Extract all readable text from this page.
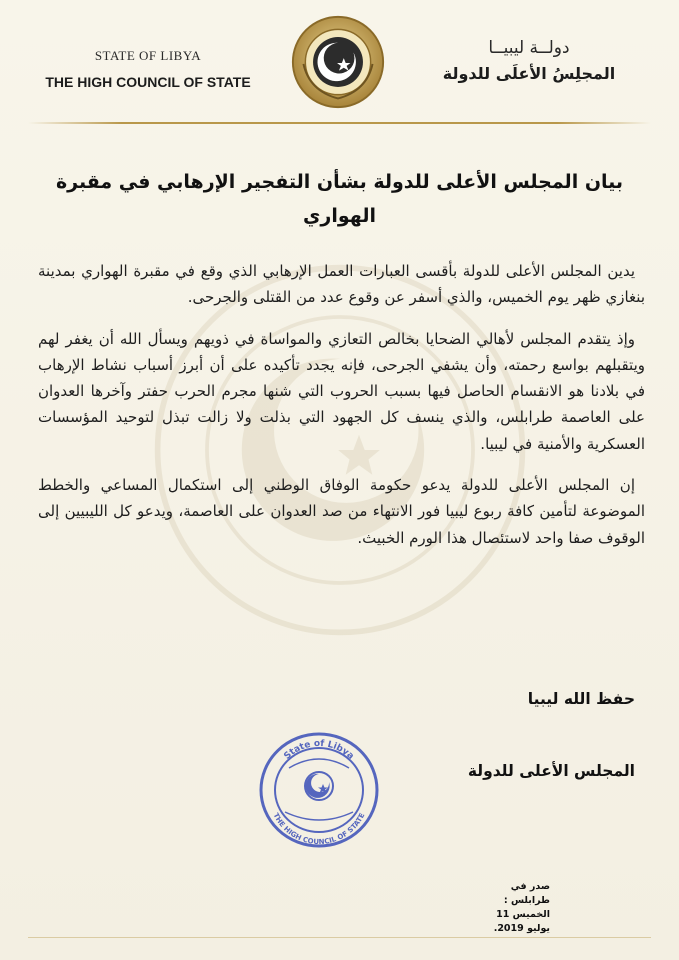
STATE OF LIBYA
THE HIGH COUNCIL OF STATE
دولــة ليبيــا
المجلِسُ الأعلَى للدولة
بيان المجلس الأعلى للدولة بشأن التفجير الإرهابي في مقبرة الهواري

يدين المجلس الأعلى للدولة بأقسى العبارات العمل الإرهابي الذي وقع في مقبرة الهواري بمدينة بنغازي ظهر يوم الخميس، والذي أسفر عن وقوع عدد من القتلى والجرحى.

وإذ يتقدم المجلس لأهالي الضحايا بخالص التعازي والمواساة في ذويهم ويسأل الله أن يغفر لهم ويتقبلهم بواسع رحمته، وأن يشفي الجرحى، فإنه يجدد تأكيده على أن أبرز أسباب نشاط الإرهاب في بلادنا هو الانقسام الحاصل فيها بسبب الحروب التي شنها مجرم الحرب حفتر وآخرها العدوان على العاصمة طرابلس، والذي ينسف كل الجهود التي بذلت ولا زالت تبذل لتوحيد المؤسسات العسكرية والأمنية في ليبيا.

إن المجلس الأعلى للدولة يدعو حكومة الوفاق الوطني إلى استكمال المساعي والخطط الموضوعة لتأمين كافة ربوع ليبيا فور الانتهاء من صد العدوان على العاصمة، ويدعو كل الليبيين إلى الوقوف صفا واحد لاستئصال هذا الورم الخبيث.

حفظ الله ليبيا
المجلس الأعلى للدولة
State of Libya
THE HIGH COUNCIL OF STATE
صدر في طرابلس :
الخميس 11 يوليو 2019.
